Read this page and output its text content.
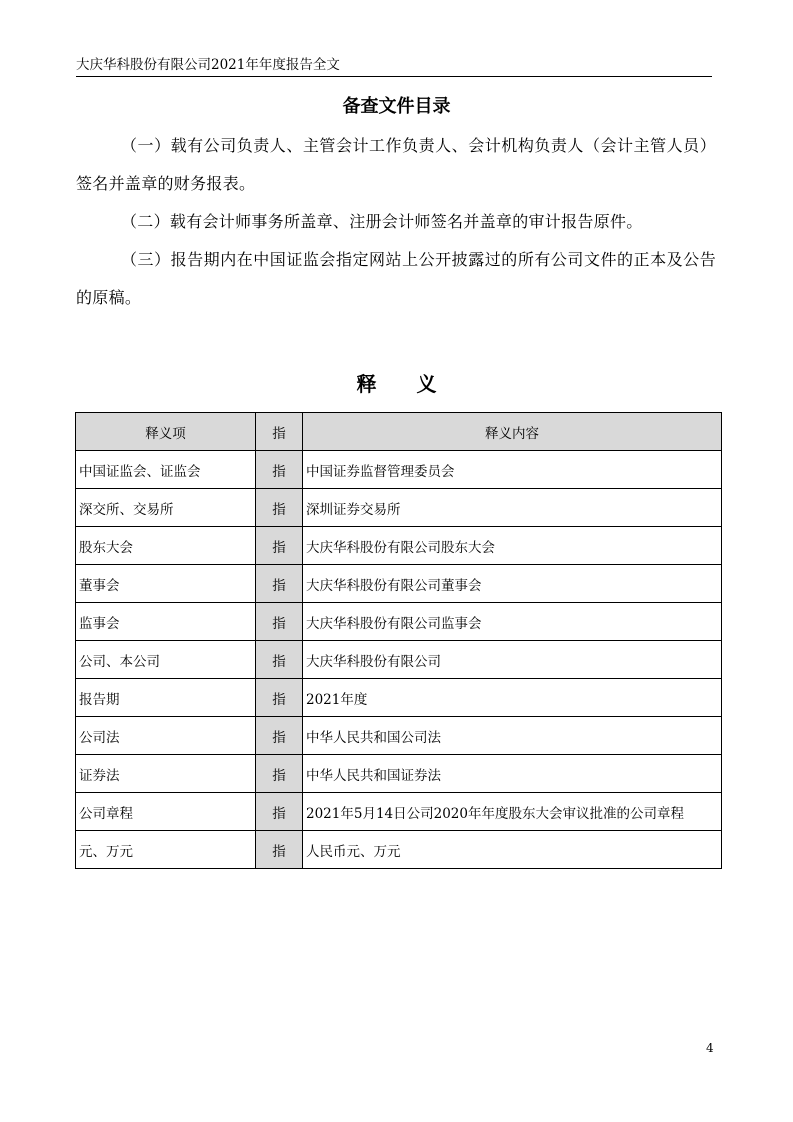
大庆华科股份有限公司2021年年度报告全文
备查文件目录

（一）载有公司负责人、主管会计工作负责人、会计机构负责人（会计主管人员）签名并盖章的财务报表。

（二）载有会计师事务所盖章、注册会计师签名并盖章的审计报告原件。

（三）报告期内在中国证监会指定网站上公开披露过的所有公司文件的正本及公告的原稿。

释　　义
释义项	指	释义内容
中国证监会、证监会	指	中国证券监督管理委员会
深交所、交易所	指	深圳证券交易所
股东大会	指	大庆华科股份有限公司股东大会
董事会	指	大庆华科股份有限公司董事会
监事会	指	大庆华科股份有限公司监事会
公司、本公司	指	大庆华科股份有限公司
报告期	指	2021年度
公司法	指	中华人民共和国公司法
证券法	指	中华人民共和国证券法
公司章程	指	2021年5月14日公司2020年年度股东大会审议批准的公司章程
元、万元	指	人民币元、万元
4
